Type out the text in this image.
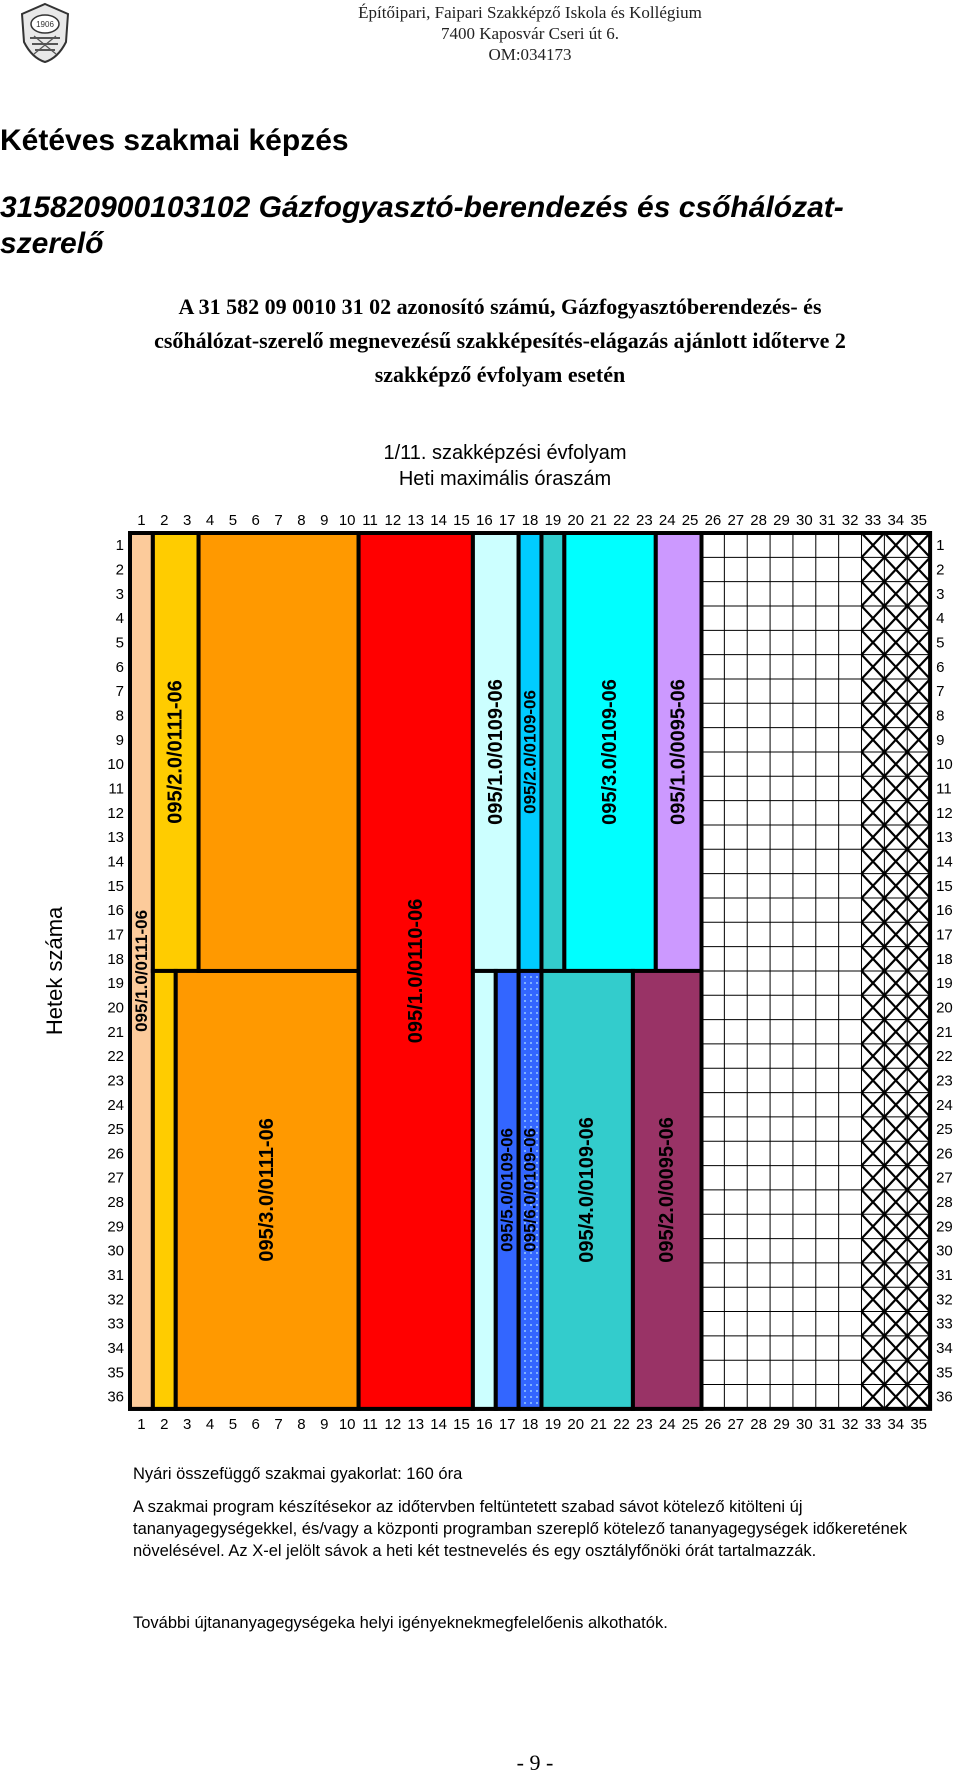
1906
Építőipari, Faipari Szakképző Iskola és Kollégium
7400 Kaposvár Cseri út 6.
OM:034173
Kétéves szakmai képzés
315820900103102 Gázfogyasztó-berendezés és csőhálózat-
szerelő
A 31 582 09 0010 31 02 azonosító számú, Gázfogyasztóberendezés- és
csőhálózat-szerelő megnevezésű szakképesítés-elágazás ajánlott időterve 2
szakképző évfolyam esetén
1/11. szakképzési évfolyam
Heti maximális óraszám
1
1
2
2
3
3
4
4
5
5
6
6
7
7
8
8
9
9
10
10
11
11
12
12
13
13
14
14
15
15
16
16
17
17
18
18
19
19
20
20
21
21
22
22
23
23
24
24
25
25
26
26
27
27
28
28
29
29
30
30
31
31
32
32
33
33
34
34
35
35
1	1
2	2
3	3
4	4
5	5
6	6
7	7
8	8
9	9
10	10
11	11
12	12
13	13
14	14
15	15
16	16
17	17
18	18
19	19
20	20
21	21
22	22
23	23
24	24
25	25
26	26
27	27
28	28
29	29
30	30
31	31
32	32
33	33
34	34
35	35
36	36
095/1.0/0111-06
095/2.0/0111-06
095/3.0/0111-06
095/1.0/0110-06
095/1.0/0109-06 095/2.0/0109-06
095/5.0/0109-06 095/6.0/0109-06
095/3.0/0109-06
095/4.0/0109-06
095/1.0/0095-06
095/2.0/0095-06
Hetek száma
Nyári összefüggő szakmai gyakorlat: 160 óra
A szakmai program készítésekor az időtervben feltüntetett szabad sávot kötelező kitölteni új tananyagegységekkel, és/vagy a központi programban szereplő kötelező tananyagegységek időkeretének növelésével. Az X-el jelölt sávok a heti két testnevelés és egy osztályfőnöki órát tartalmazzák.
További újtananyagegységeka helyi igényeknekmegfelelőenis alkothatók.
- 9 -
